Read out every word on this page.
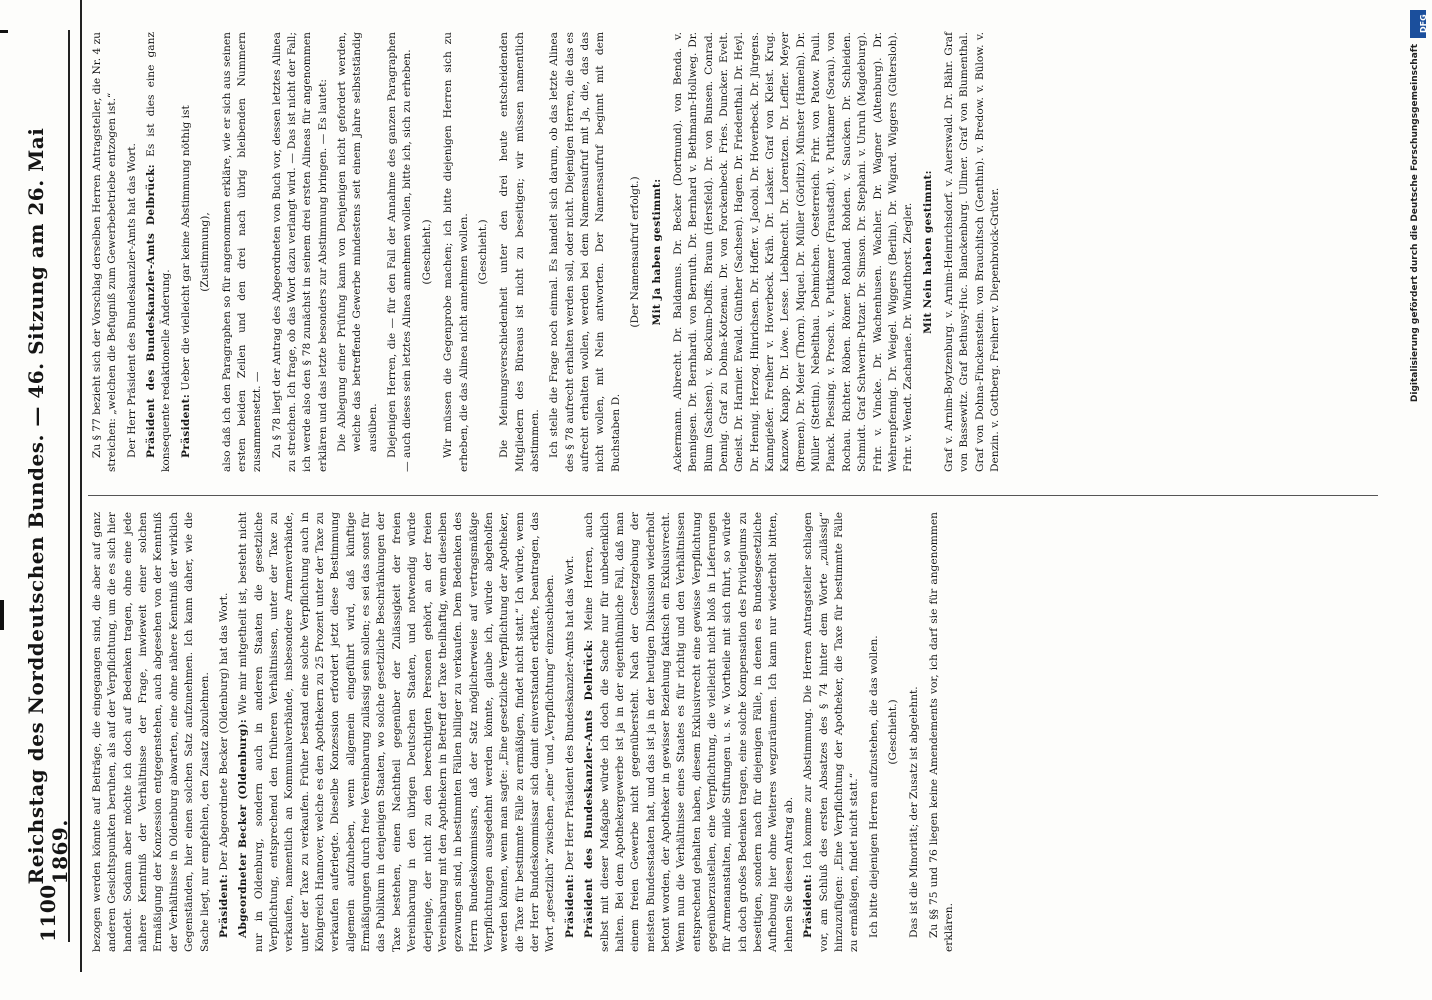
1100
Reichstag des Norddeutschen Bundes. — 46. Sitzung am 26. Mai 1869. bezogen werden könnte auf Beiträge, die eingegangen sind, die aber auf ganz anderen Gesichtspunkten beruhen, als auf der Verpflichtung, um die es sich hier handelt. Sodann aber möchte ich doch auf Bedenken tragen, ohne eine jede nähere Kenntniß der Verhältnisse der Frage, inwieweit einer solchen Ermäßigung der Konzession entgegenstehen, auch abgesehen von der Kenntniß der Verhältnisse in Oldenburg abwarten, eine ohne nähere Kenntniß der wirklich Gegenständen, hier einen solchen Satz aufzunehmen. Ich kann daher, wie die Sache liegt, nur empfehlen, den Zusatz abzulehnen. Präsident: Der Abgeordnete Becker (Oldenburg) hat das Wort. Abgeordneter Becker (Oldenburg): Wie mir mitgetheilt ist, besteht nicht nur in Oldenburg, sondern auch in anderen Staaten die gesetzliche Verpflichtung, entsprechend den früheren Verhältnissen, unter der Taxe zu verkaufen, namentlich an Kommunalverbände, insbesondere Armenverbände, unter der Taxe zu verkaufen. Früher bestand eine solche Verpflichtung auch in Königreich Hannover, welche es den Apothekern zu 25 Prozent unter der Taxe zu verkaufen auferlegte. Dieselbe Konzession erfordert jetzt diese Bestimmung allgemein aufzuheben, wenn allgemein eingeführt wird, daß künftige Ermäßigungen durch freie Vereinbarung zulässig sein sollen; es sei das sonst für das Publikum in denjenigen Staaten, wo solche gesetzliche Beschränkungen der Taxe bestehen, einen Nachtheil gegenüber der Zulässigkeit der freien Vereinbarung in den übrigen Deutschen Staaten, und notwendig würde derjenige, der nicht zu den berechtigten Personen gehört, an der freien Vereinbarung mit den Apothekern in Betreff der Taxe theilhaftig, wenn dieselben gezwungen sind, in bestimmten Fällen billiger zu verkaufen. Dem Bedenken des Herrn Bundeskommissars, daß der Satz möglicherweise auf vertragsmäßige Verpflichtungen ausgedehnt werden könnte, glaube ich, würde abgeholfen werden können, wenn man sagte: „Eine gesetzliche Verpflichtung der Apotheker, die Taxe für bestimmte Fälle zu ermäßigen, findet nicht statt.“ Ich würde, wenn der Herr Bundeskommissar sich damit einverstanden erklärte, beantragen, das Wort „gesetzlich“ zwischen „eine“ und „Verpflichtung“ einzuschieben. Präsident: Der Herr Präsident des Bundeskanzler-Amts hat das Wort. Präsident des Bundeskanzler-Amts Delbrück: Meine Herren, auch selbst mit dieser Maßgabe würde ich doch die Sache nur für unbedenklich halten. Bei dem Apothekergewerbe ist ja in der eigenthümliche Fall, daß man einem freien Gewerbe nicht gegenübersteht. Nach der Gesetzgebung der meisten Bundesstaaten hat, und das ist ja in der heutigen Diskussion wiederholt betont worden, der Apotheker in gewisser Beziehung faktisch ein Exklusivrecht. Wenn nun die Verhältnisse eines Staates es für richtig und den Verhältnissen entsprechend gehalten haben, diesem Exklusivrecht eine gewisse Verpflichtung gegenüberzustellen, eine Verpflichtung, die vielleicht nicht bloß in Lieferungen für Armenanstalten, milde Stiftungen u. s. w. Vortheile mit sich führt, so würde ich doch großes Bedenken tragen, eine solche Kompensation des Privilegiums zu beseitigen, sondern nach für diejenigen Fälle, in denen es Bundesgesetzliche Aufhebung hier ohne Weiteres wegzuräumen. Ich kann nur wiederholt bitten, lehnen Sie diesen Antrag ab. Präsident: Ich komme zur Abstimmung. Die Herren Antragsteller schlagen vor, am Schluß des ersten Absatzes des § 74 hinter dem Worte „zulässig“ hinzuzufügen: „Eine Verpflichtung der Apotheker, die Taxe für bestimmte Fälle zu ermäßigen, findet nicht statt.“ Ich bitte diejenigen Herren aufzustehen, die das wollen. (Geschieht.) Das ist die Minorität; der Zusatz ist abgelehnt. Zu §§ 75 und 76 liegen keine Amendements vor, ich darf sie für angenommen erklären.

Zu § 77 bezieht sich der Vorschlag derselben Herren Antragsteller, die Nr. 4 zu streichen: „welchen die Befugniß zum Gewerbebetriebe entzogen ist.“ Der Herr Präsident des Bundeskanzler-Amts hat das Wort. Präsident des Bundeskanzler-Amts Delbrück: Es ist dies eine ganz konsequente redaktionelle Änderung. Präsident: Ueber die vielleicht gar keine Abstimmung nöthig ist (Zustimmung), also daß ich den Paragraphen so für angenommen erkläre, wie er sich aus seinen ersten beiden Zeilen und den drei nach übrig bleibenden Nummern zusammensetzt. — Zu § 78 liegt der Antrag des Abgeordneten von Buch vor, dessen letztes Alinea zu streichen. Ich frage, ob das Wort dazu verlangt wird. — Das ist nicht der Fall; ich werde also den § 78 zunächst in seinem drei ersten Alineas für angenommen erklären und das letzte besonders zur Abstimmung bringen. — Es lautet: Die Ablegung einer Prüfung kann von Denjenigen nicht gefordert werden, welche das betreffende Gewerbe mindestens seit einem Jahre selbstständig ausüben. Diejenigen Herren, die — für den Fall der Annahme des ganzen Paragraphen — auch dieses sein letztes Alinea annehmen wollen, bitte ich, sich zu erheben. (Geschieht.) Wir müssen die Gegenprobe machen; ich bitte diejenigen Herren sich zu erheben, die das Alinea nicht annehmen wollen. (Geschieht.) Die Meinungsverschiedenheit unter den drei heute entscheidenden Mitgliedern des Büreaus ist nicht zu beseitigen; wir müssen namentlich abstimmen. Ich stelle die Frage noch einmal. Es handelt sich darum, ob das letzte Alinea des § 78 aufrecht erhalten werden soll, oder nicht. Diejenigen Herren, die das es aufrecht erhalten wollen, werden bei dem Namensaufruf mit Ja, die, das das nicht wollen, mit Nein antworten. Der Namensaufruf beginnt mit dem Buchstaben D.

(Der Namensaufruf erfolgt.) Mit Ja haben gestimmt: Ackermann. Albrecht. Dr. Baldamus. Dr. Becker (Dortmund). von Benda. v. Bennigsen. Dr. Bernhardi. von Bernuth. Dr. Bernhard v. Bethmann-Hollweg. Dr. Blum (Sachsen). v. Bockum-Dolffs. Braun (Hersfeld). Dr. von Bunsen. Conrad. Dennig. Graf zu Dohna-Kotzenau. Dr. von Forckenbeck. Fries. Duncker. Evelt. Gneist. Dr. Harnier. Ewald. Günther (Sachsen). Hagen. Dr. Friedenthal. Dr. Heyl. Dr. Hennig. Herzog. Hinrichsen. Dr. Hoffer. v. Jacobi. Dr. Hoverbeck. Dr. Jürgens. Kanngießer. Freiherr v. Hoverbeck. Kräh. Dr. Lasker. Graf von Kleist. Krug. Kanzow. Knapp. Dr. Löwe. Lesse. Liebknecht. Dr. Lorentzen. Dr. Leffler. Meyer (Bremen). Dr. Meier (Thorn). Miquel. Dr. Müller (Görlitz). Münster (Hameln). Dr. Müller (Stettin). Nebelthau. Dehmichen. Oesterreich. Frhr. von Patow. Pauli. Planck. Plessing. v. Prosch. v. Puttkamer (Fraustadt). v. Puttkamer (Sorau). von Rochau. Richter. Röben. Römer. Rohland. Rohden. v. Saucken. Dr. Schleiden. Schmidt. Graf Schwerin-Putzar. Dr. Simson. Dr. Stephani. v. Unruh (Magdeburg). Frhr. v. Vincke. Dr. Wachenhusen. Wachler. Dr. Wagner (Altenburg). Dr. Wehrenpfennig. Dr. Weigel. Wiggers (Berlin). Dr. Wigard. Wiggers (Gütersloh). Frhr. v. Wendt. Zachariae. Dr. Windthorst. Ziegler. Mit Nein haben gestimmt: Graf v. Arnim-Boytzenburg. v. Arnim-Heinrichsdorf. v. Auerswald. Dr. Bähr. Graf von Bassewitz. Graf Bethusy-Huc. Blanckenburg. Ullmer. Graf von Blumenthal. Graf von Dohna-Finckenstein. von Brauchitsch (Genthin). v. Bredow. v. Bülow. v. Denzin. v. Gottberg. Freiherr v. Diepenbroick-Grüter.

DFG
Digitalisierung gefördert durch die Deutsche Forschungsgemeinschaft
